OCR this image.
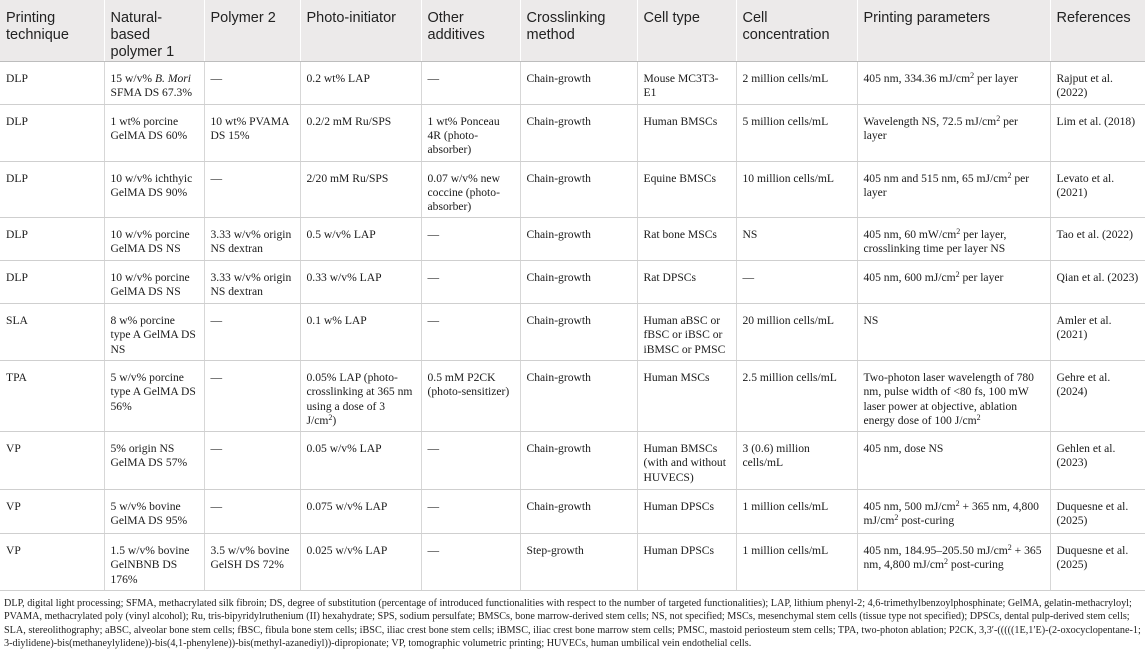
Printing technique	Natural-based polymer 1	Polymer 2	Photo-initiator	Other additives	Crosslinking method	Cell type	Cell concentration	Printing parameters	References
DLP	15 w/v% B. Mori SFMA DS 67.3%	—	0.2 wt% LAP	—	Chain-growth	Mouse MC3T3-E1	2 million cells/mL	405 nm, 334.36 $mJ/cm^2$ per layer	Rajput et al. (2022)
DLP	1 wt% porcine GelMA DS 60%	10 wt% PVAMA DS 15%	0.2/2 mM Ru/SPS	1 wt% Ponceau 4R (photo-absorber)	Chain-growth	Human BMSCs	5 million cells/mL	Wavelength NS, 72.5 $mJ/cm^2$ per layer	Lim et al. (2018)
DLP	10 w/v% ichthyic GelMA DS 90%	—	2/20 mM Ru/SPS	0.07 w/v% new coccine (photo-absorber)	Chain-growth	Equine BMSCs	10 million cells/mL	405 nm and 515 nm, 65 $mJ/cm^2$ per layer	Levato et al. (2021)
DLP	10 w/v% porcine GelMA DS NS	3.33 w/v% origin NS dextran	0.5 w/v% LAP	—	Chain-growth	Rat bone MSCs	NS	405 nm, 60 $mW/cm^2$ per layer, crosslinking time per layer NS	Tao et al. (2022)
DLP	10 w/v% porcine GelMA DS NS	3.33 w/v% origin NS dextran	0.33 w/v% LAP	—	Chain-growth	Rat DPSCs	—	405 nm, 600 $mJ/cm^2$ per layer	Qian et al. (2023)
SLA	8 w% porcine type A GelMA DS NS	—	0.1 w% LAP	—	Chain-growth	Human aBSC or fBSC or iBSC or iBMSC or PMSC	20 million cells/mL	NS	Amler et al. (2021)
TPA	5 w/v% porcine type A GelMA DS 56%	—	0.05% LAP (photo-crosslinking at 365 nm using a dose of 3 $J/cm^2$)	0.5 mM P2CK (photo-sensitizer)	Chain-growth	Human MSCs	2.5 million cells/mL	Two-photon laser wavelength of 780 nm, pulse width of <80 fs, 100 mW laser power at objective, ablation energy dose of 100 $J/cm^2$	Gehre et al. (2024)
VP	5% origin NS GelMA DS 57%	—	0.05 w/v% LAP	—	Chain-growth	Human BMSCs (with and without HUVECS)	3 (0.6) million cells/mL	405 nm, dose NS	Gehlen et al. (2023)
VP	5 w/v% bovine GelMA DS 95%	—	0.075 w/v% LAP	—	Chain-growth	Human DPSCs	1 million cells/mL	405 nm, 500 $mJ/cm^2 + 365$ nm, 4,800 $mJ/cm^2$ post-curing	Duquesne et al. (2025)
VP	1.5 w/v% bovine GelNBNB DS 176%	3.5 w/v% bovine GelSH DS 72%	0.025 w/v% LAP	—	Step-growth	Human DPSCs	1 million cells/mL	405 nm, 184.95–205.50 $mJ/cm^2 + 365$ nm, 4,800 $mJ/cm^2$ post-curing	Duquesne et al. (2025)
DLP, digital light processing; SFMA, methacrylated silk fibroin; DS, degree of substitution (percentage of introduced functionalities with respect to the number of targeted functionalities); LAP, lithium phenyl-2; 4,6-trimethylbenzoylphosphinate; GelMA, gelatin-methacryloyl; PVAMA, methacrylated poly (vinyl alcohol); Ru, tris-bipyridylruthenium (II) hexahydrate; SPS, sodium persulfate; BMSCs, bone marrow-derived stem cells; NS, not specified; MSCs, mesenchymal stem cells (tissue type not specified); DPSCs, dental pulp-derived stem cells; SLA, stereolithography; aBSC, alveolar bone stem cells; fBSC, fibula bone stem cells; iBSC, iliac crest bone stem cells; iBMSC, iliac crest bone marrow stem cells; PMSC, mastoid periosteum stem cells; TPA, two-photon ablation; P2CK, 3,3′-(((((1E,1′E)-(2-oxocyclopentane-1; 3-diylidene)-bis(methaneylylidene))-bis(4,1-phenylene))-bis(methyl-azanediyl))-dipropionate; VP, tomographic volumetric printing; HUVECs, human umbilical vein endothelial cells.
